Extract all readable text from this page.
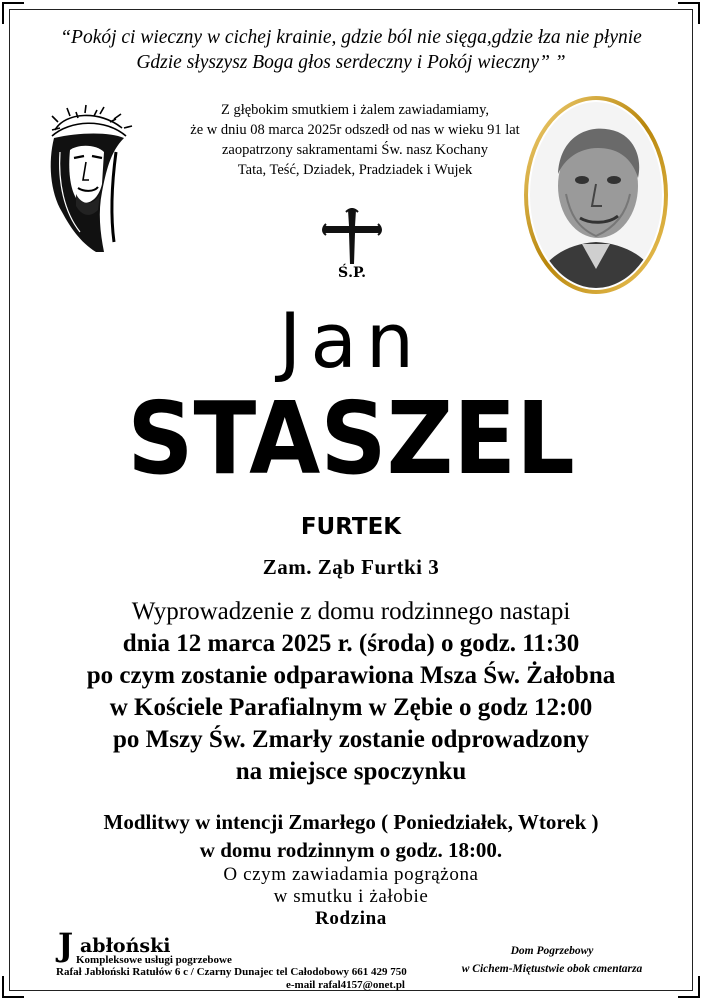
“Pokój ci wieczny w cichej krainie, gdzie ból nie sięga,gdzie łza nie płynie
Gdzie słyszysz Boga głos serdeczny i Pokój wieczny” ”
Z głębokim smutkiem i żalem zawiadamiamy,
że w dniu 08 marca 2025r odszedł od nas w wieku 91 lat
zaopatrzony sakramentami Św. nasz Kochany
Tata, Teść, Dziadek, Pradziadek i Wujek
Ś.P.
Jan
STASZEL
FURTEK
Zam. Ząb Furtki 3
Wyprowadzenie z domu rodzinnego nastapi
dnia 12 marca 2025 r. (środa) o godz. 11:30
po czym zostanie odparawiona Msza Św. Żałobna
w Kościele Parafialnym w Zębie o godz 12:00
po Mszy Św. Zmarły zostanie odprowadzony
na miejsce spoczynku
Modlitwy w intencji Zmarłego ( Poniedziałek, Wtorek )
w domu rodzinnym o godz. 18:00.
O czym zawiadamia pogrążona
w smutku i żałobie
Rodzina
J abłoński
Kompleksowe usługi pogrzebowe
Rafał Jabłoński Ratułów 6 c / Czarny Dunajec tel Całodobowy 661 429 750
e-mail rafal4157@onet.pl
Dom Pogrzebowy
w Cichem-Miętustwie obok cmentarza
